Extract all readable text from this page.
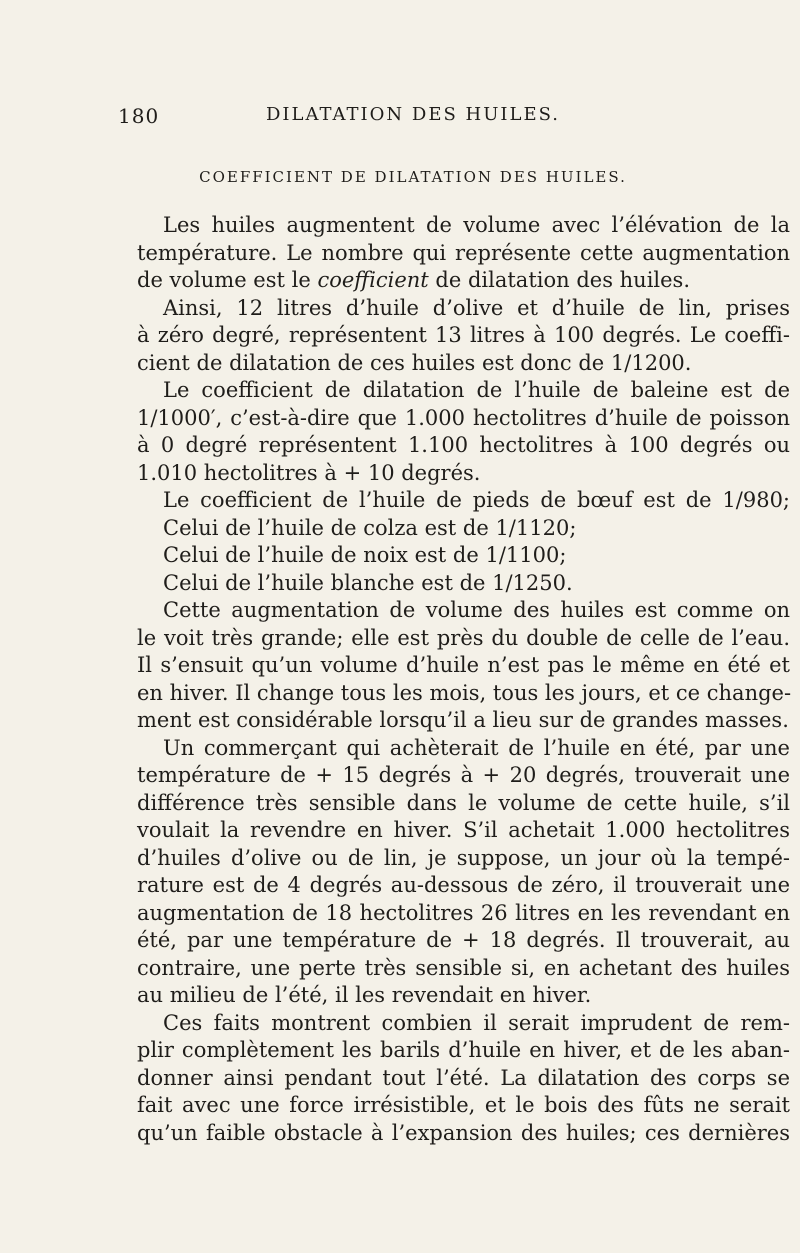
180	DILATATION DES HUILES.
COEFFICIENT DE DILATATION DES HUILES.
Les huiles augmentent de volume avec l’élévation de la
température. Le nombre qui représente cette augmentation
de volume est le coefficient de dilatation des huiles.
Ainsi, 12 litres d’huile d’olive et d’huile de lin, prises
à zéro degré, représentent 13 litres à 100 degrés. Le coeffi-
cient de dilatation de ces huiles est donc de 1/1200.
Le coefficient de dilatation de l’huile de baleine est de
1/1000′, c’est-à-dire que 1.000 hectolitres d’huile de poisson
à 0 degré représentent 1.100 hectolitres à 100 degrés ou
1.010 hectolitres à + 10 degrés.
Le coefficient de l’huile de pieds de bœuf est de 1/980;
Celui de l’huile de colza est de 1/1120;
Celui de l’huile de noix est de 1/1100;
Celui de l’huile blanche est de 1/1250.
Cette augmentation de volume des huiles est comme on
le voit très grande; elle est près du double de celle de l’eau.
Il s’ensuit qu’un volume d’huile n’est pas le même en été et
en hiver. Il change tous les mois, tous les jours, et ce change-
ment est considérable lorsqu’il a lieu sur de grandes masses.
Un commerçant qui achèterait de l’huile en été, par une
température de + 15 degrés à + 20 degrés, trouverait une
différence très sensible dans le volume de cette huile, s’il
voulait la revendre en hiver. S’il achetait 1.000 hectolitres
d’huiles d’olive ou de lin, je suppose, un jour où la tempé-
rature est de 4 degrés au-dessous de zéro, il trouverait une
augmentation de 18 hectolitres 26 litres en les revendant en
été, par une température de + 18 degrés. Il trouverait, au
contraire, une perte très sensible si, en achetant des huiles
au milieu de l’été, il les revendait en hiver.
Ces faits montrent combien il serait imprudent de rem-
plir complètement les barils d’huile en hiver, et de les aban-
donner ainsi pendant tout l’été. La dilatation des corps se
fait avec une force irrésistible, et le bois des fûts ne serait
qu’un faible obstacle à l’expansion des huiles; ces dernières
